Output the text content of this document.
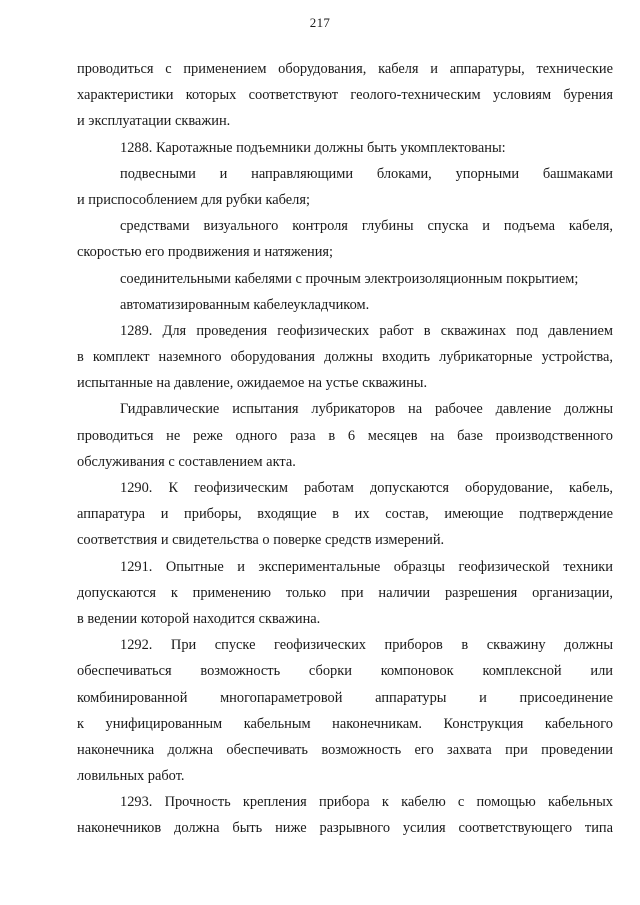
217
проводиться с применением оборудования, кабеля и аппаратуры, технические
характеристики которых соответствуют геолого-техническим условиям бурения
и эксплуатации скважин.
1288. Каротажные подъемники должны быть укомплектованы:
подвесными и направляющими блоками, упорными башмаками
и приспособлением для рубки кабеля;
средствами визуального контроля глубины спуска и подъема кабеля,
скоростью его продвижения и натяжения;
соединительными кабелями с прочным электроизоляционным покрытием;
автоматизированным кабелеукладчиком.
1289. Для проведения геофизических работ в скважинах под давлением
в комплект наземного оборудования должны входить лубрикаторные устройства,
испытанные на давление, ожидаемое на устье скважины.
Гидравлические испытания лубрикаторов на рабочее давление должны
проводиться не реже одного раза в 6 месяцев на базе производственного
обслуживания с составлением акта.
1290. К геофизическим работам допускаются оборудование, кабель,
аппаратура и приборы, входящие в их состав, имеющие подтверждение
соответствия и свидетельства о поверке средств измерений.
1291. Опытные и экспериментальные образцы геофизической техники
допускаются к применению только при наличии разрешения организации,
в ведении которой находится скважина.
1292. При спуске геофизических приборов в скважину должны
обеспечиваться возможность сборки компоновок комплексной или
комбинированной многопараметровой аппаратуры и присоединение
к унифицированным кабельным наконечникам. Конструкция кабельного
наконечника должна обеспечивать возможность его захвата при проведении
ловильных работ.
1293. Прочность крепления прибора к кабелю с помощью кабельных
наконечников должна быть ниже разрывного усилия соответствующего типа
